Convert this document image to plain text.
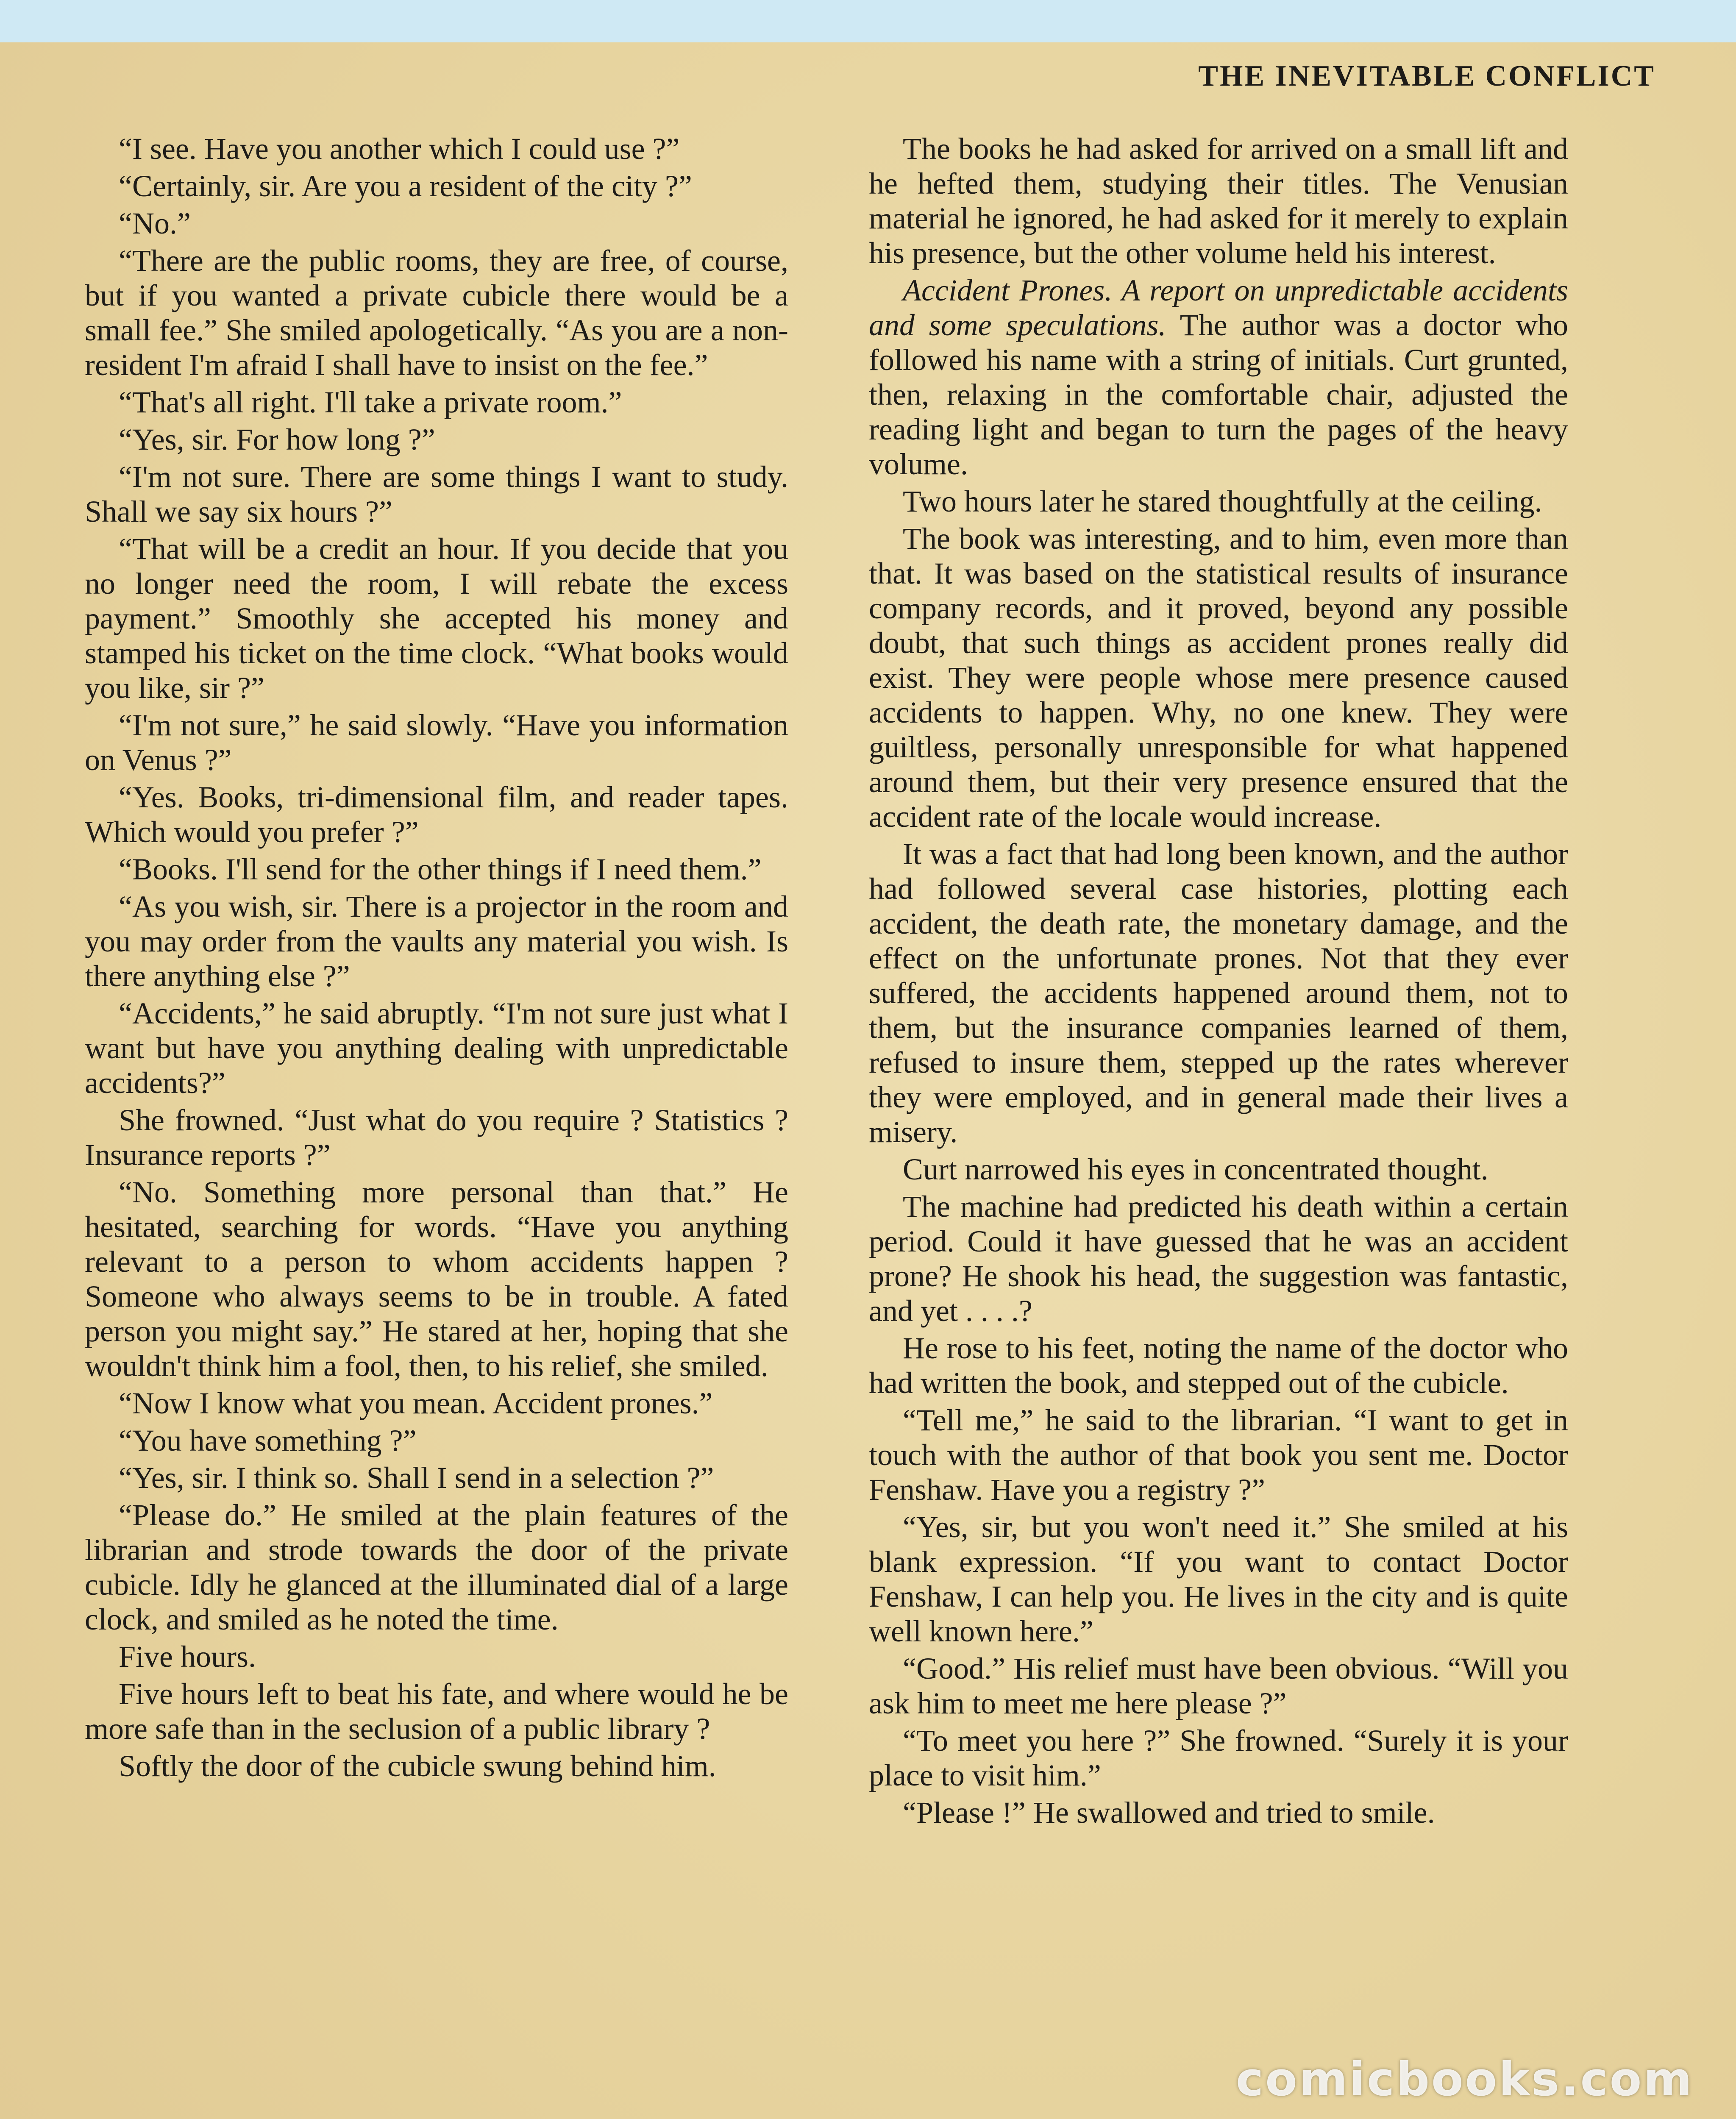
THE INEVITABLE CONFLICT

“I see. Have you another which I could use ?”

“Certainly, sir. Are you a resident of the city ?”

“No.”

“There are the public rooms, they are free, of course, but if you wanted a private cubicle there would be a small fee.” She smiled apologetically. “As you are a non-resident I'm afraid I shall have to insist on the fee.”

“That's all right. I'll take a private room.”

“Yes, sir. For how long ?”

“I'm not sure. There are some things I want to study. Shall we say six hours ?”

“That will be a credit an hour. If you decide that you no longer need the room, I will rebate the excess payment.” Smoothly she accepted his money and stamped his ticket on the time clock. “What books would you like, sir ?”

“I'm not sure,” he said slowly. “Have you information on Venus ?”

“Yes. Books, tri-dimensional film, and reader tapes. Which would you prefer ?”

“Books. I'll send for the other things if I need them.”

“As you wish, sir. There is a projector in the room and you may order from the vaults any material you wish. Is there anything else ?”

“Accidents,” he said abruptly. “I'm not sure just what I want but have you anything dealing with unpredictable accidents?”

She frowned. “Just what do you require ? Statistics ? Insurance reports ?”

“No. Something more personal than that.” He hesitated, searching for words. “Have you anything relevant to a person to whom accidents happen ? Someone who always seems to be in trouble. A fated person you might say.” He stared at her, hoping that she wouldn't think him a fool, then, to his relief, she smiled.

“Now I know what you mean. Accident prones.”

“You have something ?”

“Yes, sir. I think so. Shall I send in a selection ?”

“Please do.” He smiled at the plain features of the librarian and strode towards the door of the private cubicle. Idly he glanced at the illuminated dial of a large clock, and smiled as he noted the time.

Five hours.

Five hours left to beat his fate, and where would he be more safe than in the seclusion of a public library ?

Softly the door of the cubicle swung behind him.

The books he had asked for arrived on a small lift and he hefted them, studying their titles. The Venusian material he ignored, he had asked for it merely to explain his presence, but the other volume held his interest.

Accident Prones. A report on unpredictable accidents and some speculations. The author was a doctor who followed his name with a string of initials. Curt grunted, then, relaxing in the comfortable chair, adjusted the reading light and began to turn the pages of the heavy volume.

Two hours later he stared thoughtfully at the ceiling.

The book was interesting, and to him, even more than that. It was based on the statistical results of insurance company records, and it proved, beyond any possible doubt, that such things as accident prones really did exist. They were people whose mere presence caused accidents to happen. Why, no one knew. They were guiltless, personally unresponsible for what happened around them, but their very presence ensured that the accident rate of the locale would increase.

It was a fact that had long been known, and the author had followed several case histories, plotting each accident, the death rate, the monetary damage, and the effect on the unfortunate prones. Not that they ever suffered, the accidents happened around them, not to them, but the insurance companies learned of them, refused to insure them, stepped up the rates wherever they were employed, and in general made their lives a misery.

Curt narrowed his eyes in concentrated thought.

The machine had predicted his death within a certain period. Could it have guessed that he was an accident prone? He shook his head, the suggestion was fantastic, and yet . . . .?

He rose to his feet, noting the name of the doctor who had written the book, and stepped out of the cubicle.

“Tell me,” he said to the librarian. “I want to get in touch with the author of that book you sent me. Doctor Fenshaw. Have you a registry ?”

“Yes, sir, but you won't need it.” She smiled at his blank expression. “If you want to contact Doctor Fenshaw, I can help you. He lives in the city and is quite well known here.”

“Good.” His relief must have been obvious. “Will you ask him to meet me here please ?”

“To meet you here ?” She frowned. “Surely it is your place to visit him.”

“Please !” He swallowed and tried to smile.

comicbooks.com
